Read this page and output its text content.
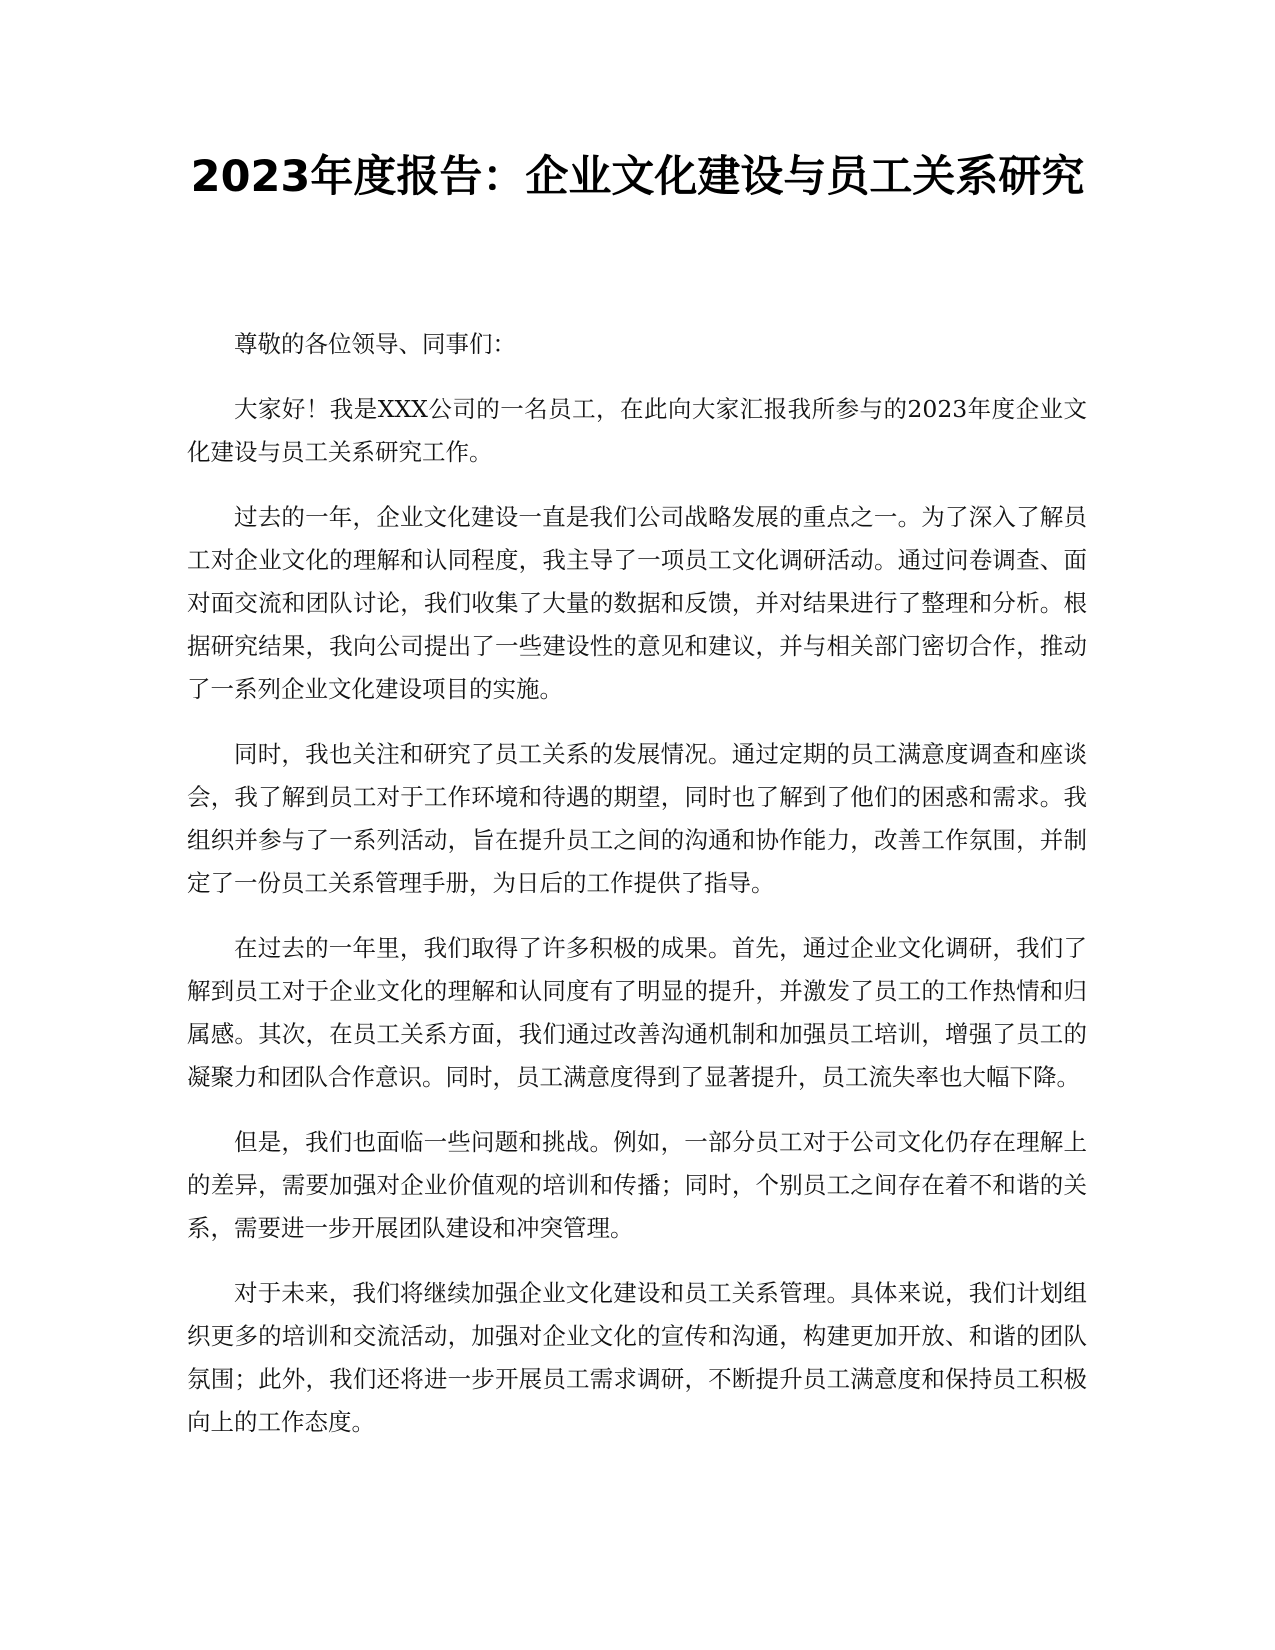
2023年度报告：企业文化建设与员工关系研究

尊敬的各位领导、同事们：

大家好！我是XXX公司的一名员工，在此向大家汇报我所参与的2023年度企业文化建设与员工关系研究工作。

过去的一年，企业文化建设一直是我们公司战略发展的重点之一。为了深入了解员工对企业文化的理解和认同程度，我主导了一项员工文化调研活动。通过问卷调查、面对面交流和团队讨论，我们收集了大量的数据和反馈，并对结果进行了整理和分析。根据研究结果，我向公司提出了一些建设性的意见和建议，并与相关部门密切合作，推动了一系列企业文化建设项目的实施。

同时，我也关注和研究了员工关系的发展情况。通过定期的员工满意度调查和座谈会，我了解到员工对于工作环境和待遇的期望，同时也了解到了他们的困惑和需求。我组织并参与了一系列活动，旨在提升员工之间的沟通和协作能力，改善工作氛围，并制定了一份员工关系管理手册，为日后的工作提供了指导。

在过去的一年里，我们取得了许多积极的成果。首先，通过企业文化调研，我们了解到员工对于企业文化的理解和认同度有了明显的提升，并激发了员工的工作热情和归属感。其次，在员工关系方面，我们通过改善沟通机制和加强员工培训，增强了员工的凝聚力和团队合作意识。同时，员工满意度得到了显著提升，员工流失率也大幅下降。

但是，我们也面临一些问题和挑战。例如，一部分员工对于公司文化仍存在理解上的差异，需要加强对企业价值观的培训和传播；同时，个别员工之间存在着不和谐的关系，需要进一步开展团队建设和冲突管理。

对于未来，我们将继续加强企业文化建设和员工关系管理。具体来说，我们计划组织更多的培训和交流活动，加强对企业文化的宣传和沟通，构建更加开放、和谐的团队氛围；此外，我们还将进一步开展员工需求调研，不断提升员工满意度和保持员工积极向上的工作态度。
